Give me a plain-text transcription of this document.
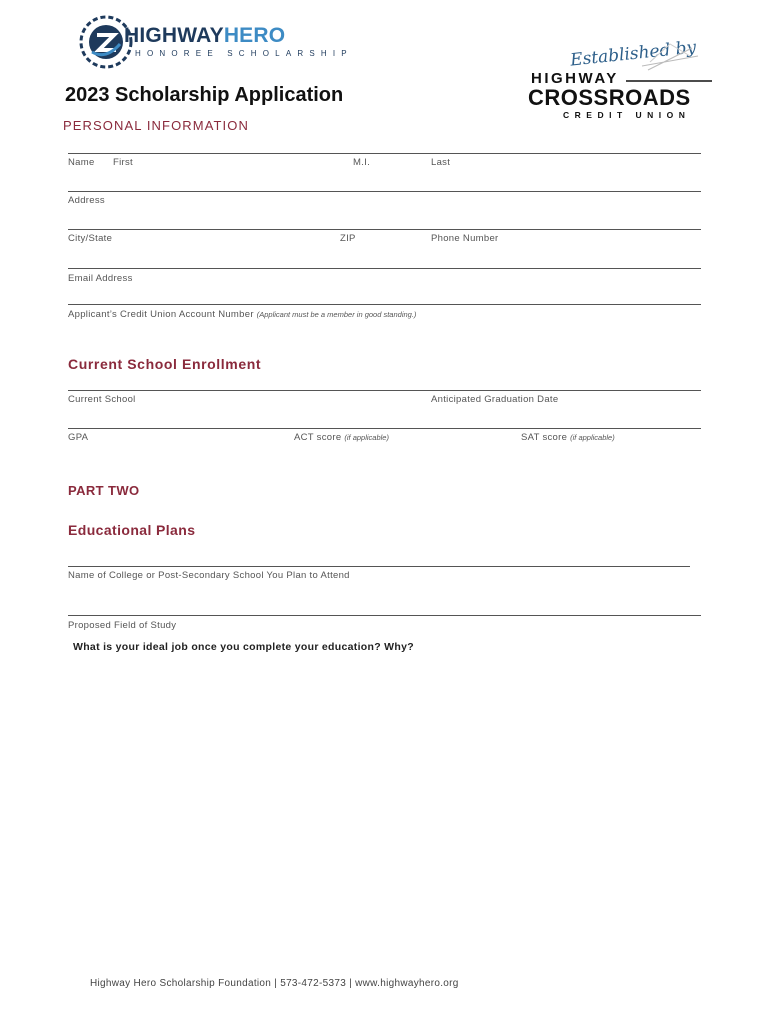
HIGHWAYHERO
HONOREE SCHOLARSHIP	Established by
HIGHWAY
CROSSROADS
CREDIT UNION
2023 Scholarship Application
PERSONAL INFORMATION
Name First	M.I.	Last
Address
City/State	ZIP	Phone Number
Email Address
Applicant’s Credit Union Account Number (Applicant must be a member in good standing.)
Current School Enrollment
Current School	Anticipated Graduation Date
GPA	ACT score (if applicable)	SAT score (if applicable)
PART TWO
Educational Plans
Name of College or Post-Secondary School You Plan to Attend
Proposed Field of Study
What is your ideal job once you complete your education? Why?
Highway Hero Scholarship Foundation | 573-472-5373 | www.highwayhero.org
